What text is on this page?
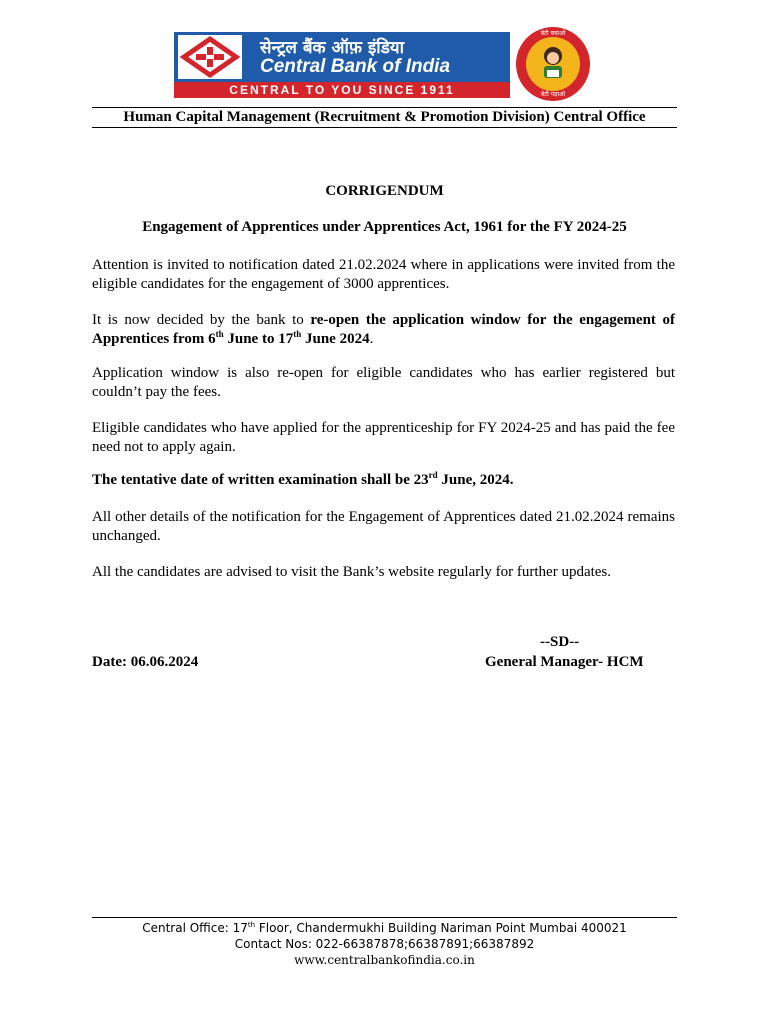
सेन्ट्रल बैंक ऑफ़ इंडिया
Central Bank of India
CENTRAL TO YOU SINCE 1911
बेटी बचाओ
बेटी पढ़ाओ
Human Capital Management (Recruitment & Promotion Division) Central Office
CORRIGENDUM
Engagement of Apprentices under Apprentices Act, 1961 for the FY 2024-25
Attention is invited to notification dated 21.02.2024 where in applications were invited from the eligible candidates for the engagement of 3000 apprentices.
It is now decided by the bank to re-open the application window for the engagement of Apprentices from 6th June to 17th June 2024.
Application window is also re-open for eligible candidates who has earlier registered but couldn’t pay the fees.
Eligible candidates who have applied for the apprenticeship for FY 2024-25 and has paid the fee need not to apply again.
The tentative date of written examination shall be 23rd June, 2024.
All other details of the notification for the Engagement of Apprentices dated 21.02.2024 remains unchanged.
All the candidates are advised to visit the Bank’s website regularly for further updates.
--SD--
Date: 06.06.2024	General Manager- HCM
Central Office: 17th Floor, Chandermukhi Building Nariman Point Mumbai 400021
Contact Nos: 022-66387878;66387891;66387892
www.centralbankofindia.co.in
